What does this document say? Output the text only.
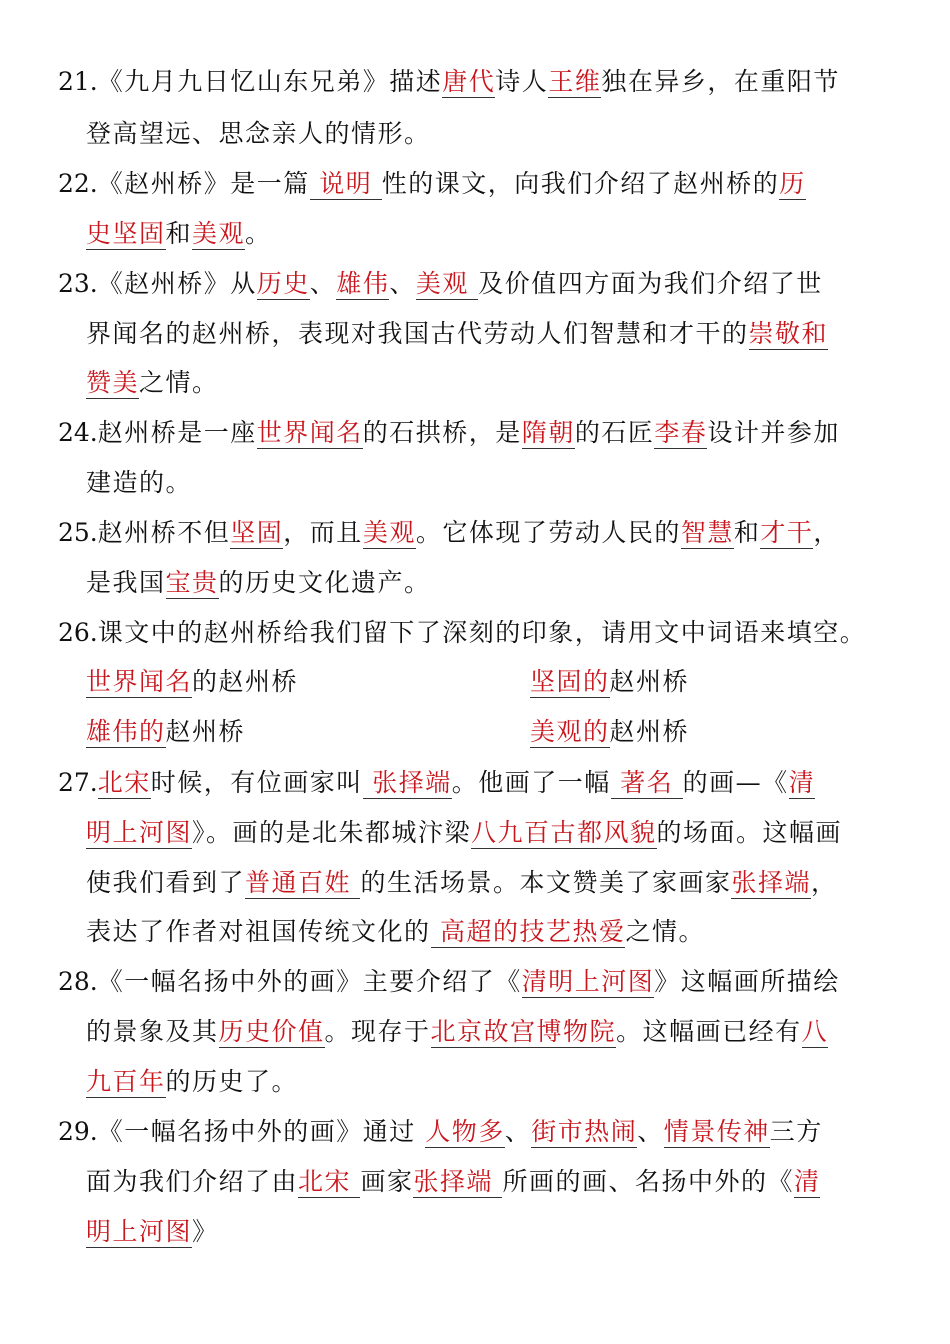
21.《九月九日忆山东兄弟》描述唐代诗人王维独在异乡，在重阳节
登高望远、思念亲人的情形。
22.《赵州桥》是一篇 说明 性的课文，向我们介绍了赵州桥的历
史坚固和美观。
23.《赵州桥》从历史、雄伟、美观 及价值四方面为我们介绍了世
界闻名的赵州桥，表现对我国古代劳动人们智慧和才干的崇敬和
赞美之情。
24.赵州桥是一座世界闻名的石拱桥，是隋朝的石匠李春设计并参加
建造的。
25.赵州桥不但坚固，而且美观。它体现了劳动人民的智慧和才干，
是我国宝贵的历史文化遗产。
26.课文中的赵州桥给我们留下了深刻的印象，请用文中词语来填空。
世界闻名的赵州桥	坚固的赵州桥
雄伟的赵州桥	美观的赵州桥
27.北宋时候，有位画家叫 张择端。他画了一幅 著名 的画—《清
明上河图》。画的是北朱都城汴梁八九百古都风貌的场面。这幅画
使我们看到了普通百姓 的生活场景。本文赞美了家画家张择端，
表达了作者对祖国传统文化的 高超的技艺热爱之情。
28.《一幅名扬中外的画》主要介绍了《清明上河图》这幅画所描绘
的景象及其历史价值。现存于北京故宫博物院。这幅画已经有八
九百年的历史了。
29.《一幅名扬中外的画》通过 人物多、街市热闹、情景传神三方
面为我们介绍了由北宋 画家张择端 所画的画、名扬中外的《清
明上河图》
